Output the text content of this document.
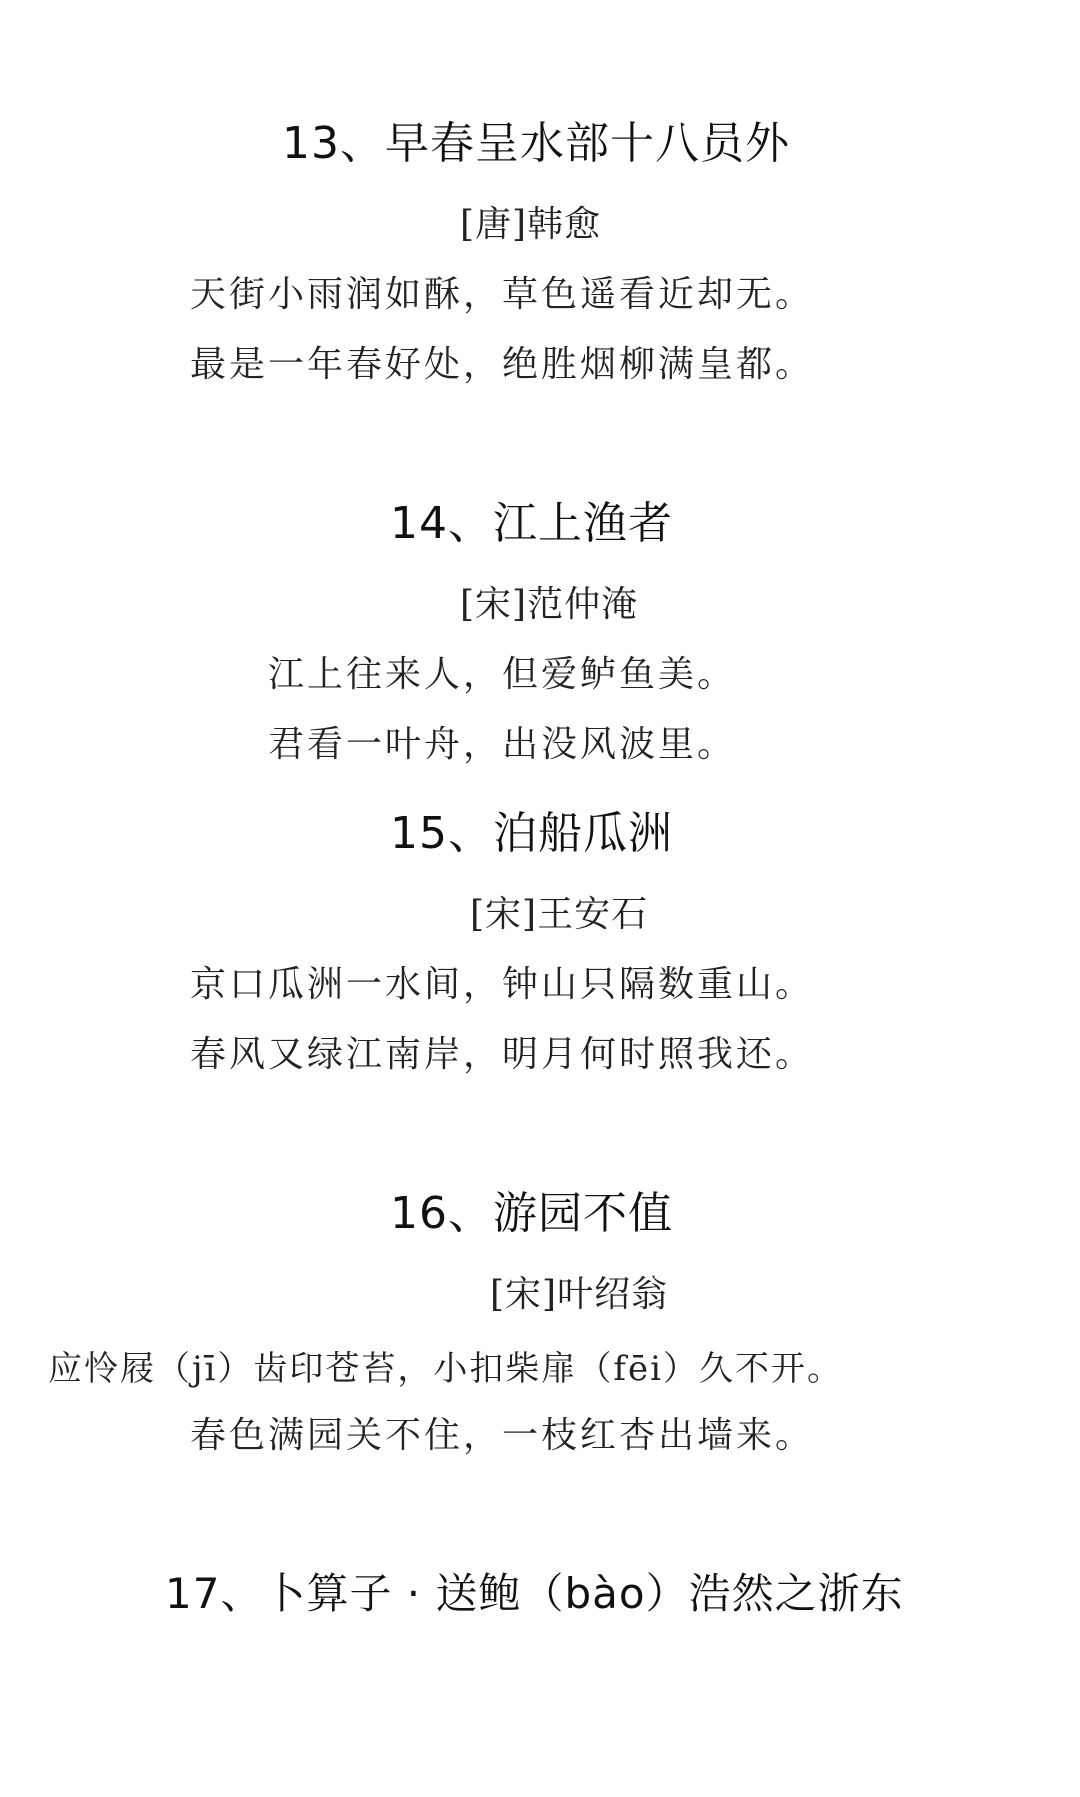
13、早春呈水部十八员外
[唐]韩愈
天街小雨润如酥，草色遥看近却无。
最是一年春好处，绝胜烟柳满皇都。
14、江上渔者
[宋]范仲淹
江上往来人，但爱鲈鱼美。
君看一叶舟，出没风波里。
15、泊船瓜洲
[宋]王安石
京口瓜洲一水间，钟山只隔数重山。
春风又绿江南岸，明月何时照我还。
16、游园不值
[宋]叶绍翁
应怜屐（jī）齿印苍苔，小扣柴扉（fēi）久不开。
春色满园关不住，一枝红杏出墙来。
17、卜算子 · 送鲍（bào）浩然之浙东
